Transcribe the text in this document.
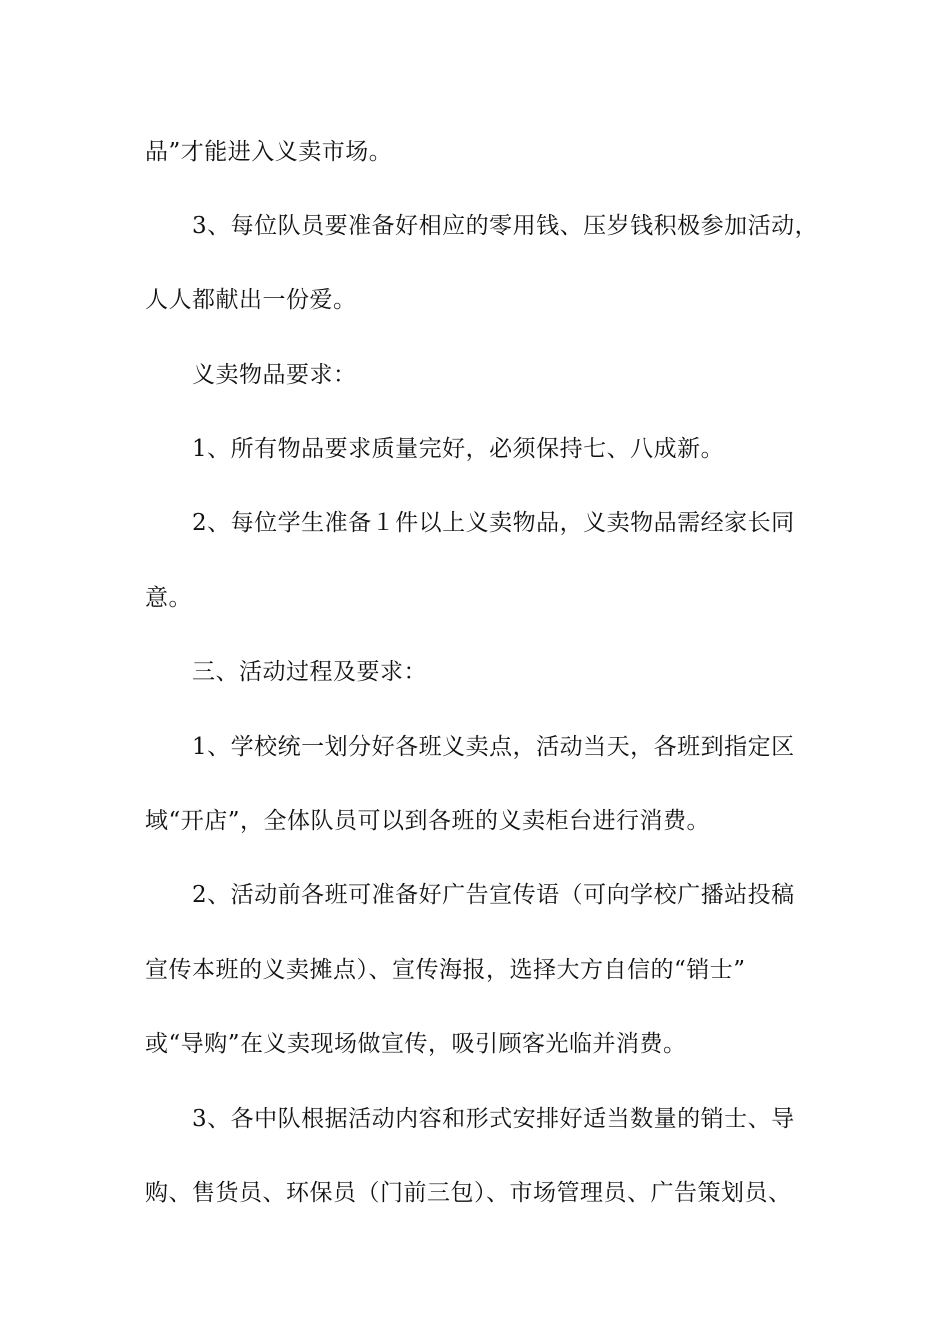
品”才能进入义卖市场。
3、每位队员要准备好相应的零用钱、压岁钱积极参加活动，
人人都献出一份爱。
义卖物品要求：
1、所有物品要求质量完好，必须保持七、八成新。
2、每位学生准备１件以上义卖物品，义卖物品需经家长同
意。
三、活动过程及要求：
1、学校统一划分好各班义卖点，活动当天，各班到指定区
域“开店”，全体队员可以到各班的义卖柜台进行消费。
2、活动前各班可准备好广告宣传语（可向学校广播站投稿
宣传本班的义卖摊点）、宣传海报，选择大方自信的“销士”
或“导购”在义卖现场做宣传，吸引顾客光临并消费。
3、各中队根据活动内容和形式安排好适当数量的销士、导
购、售货员、环保员（门前三包）、市场管理员、广告策划员、
